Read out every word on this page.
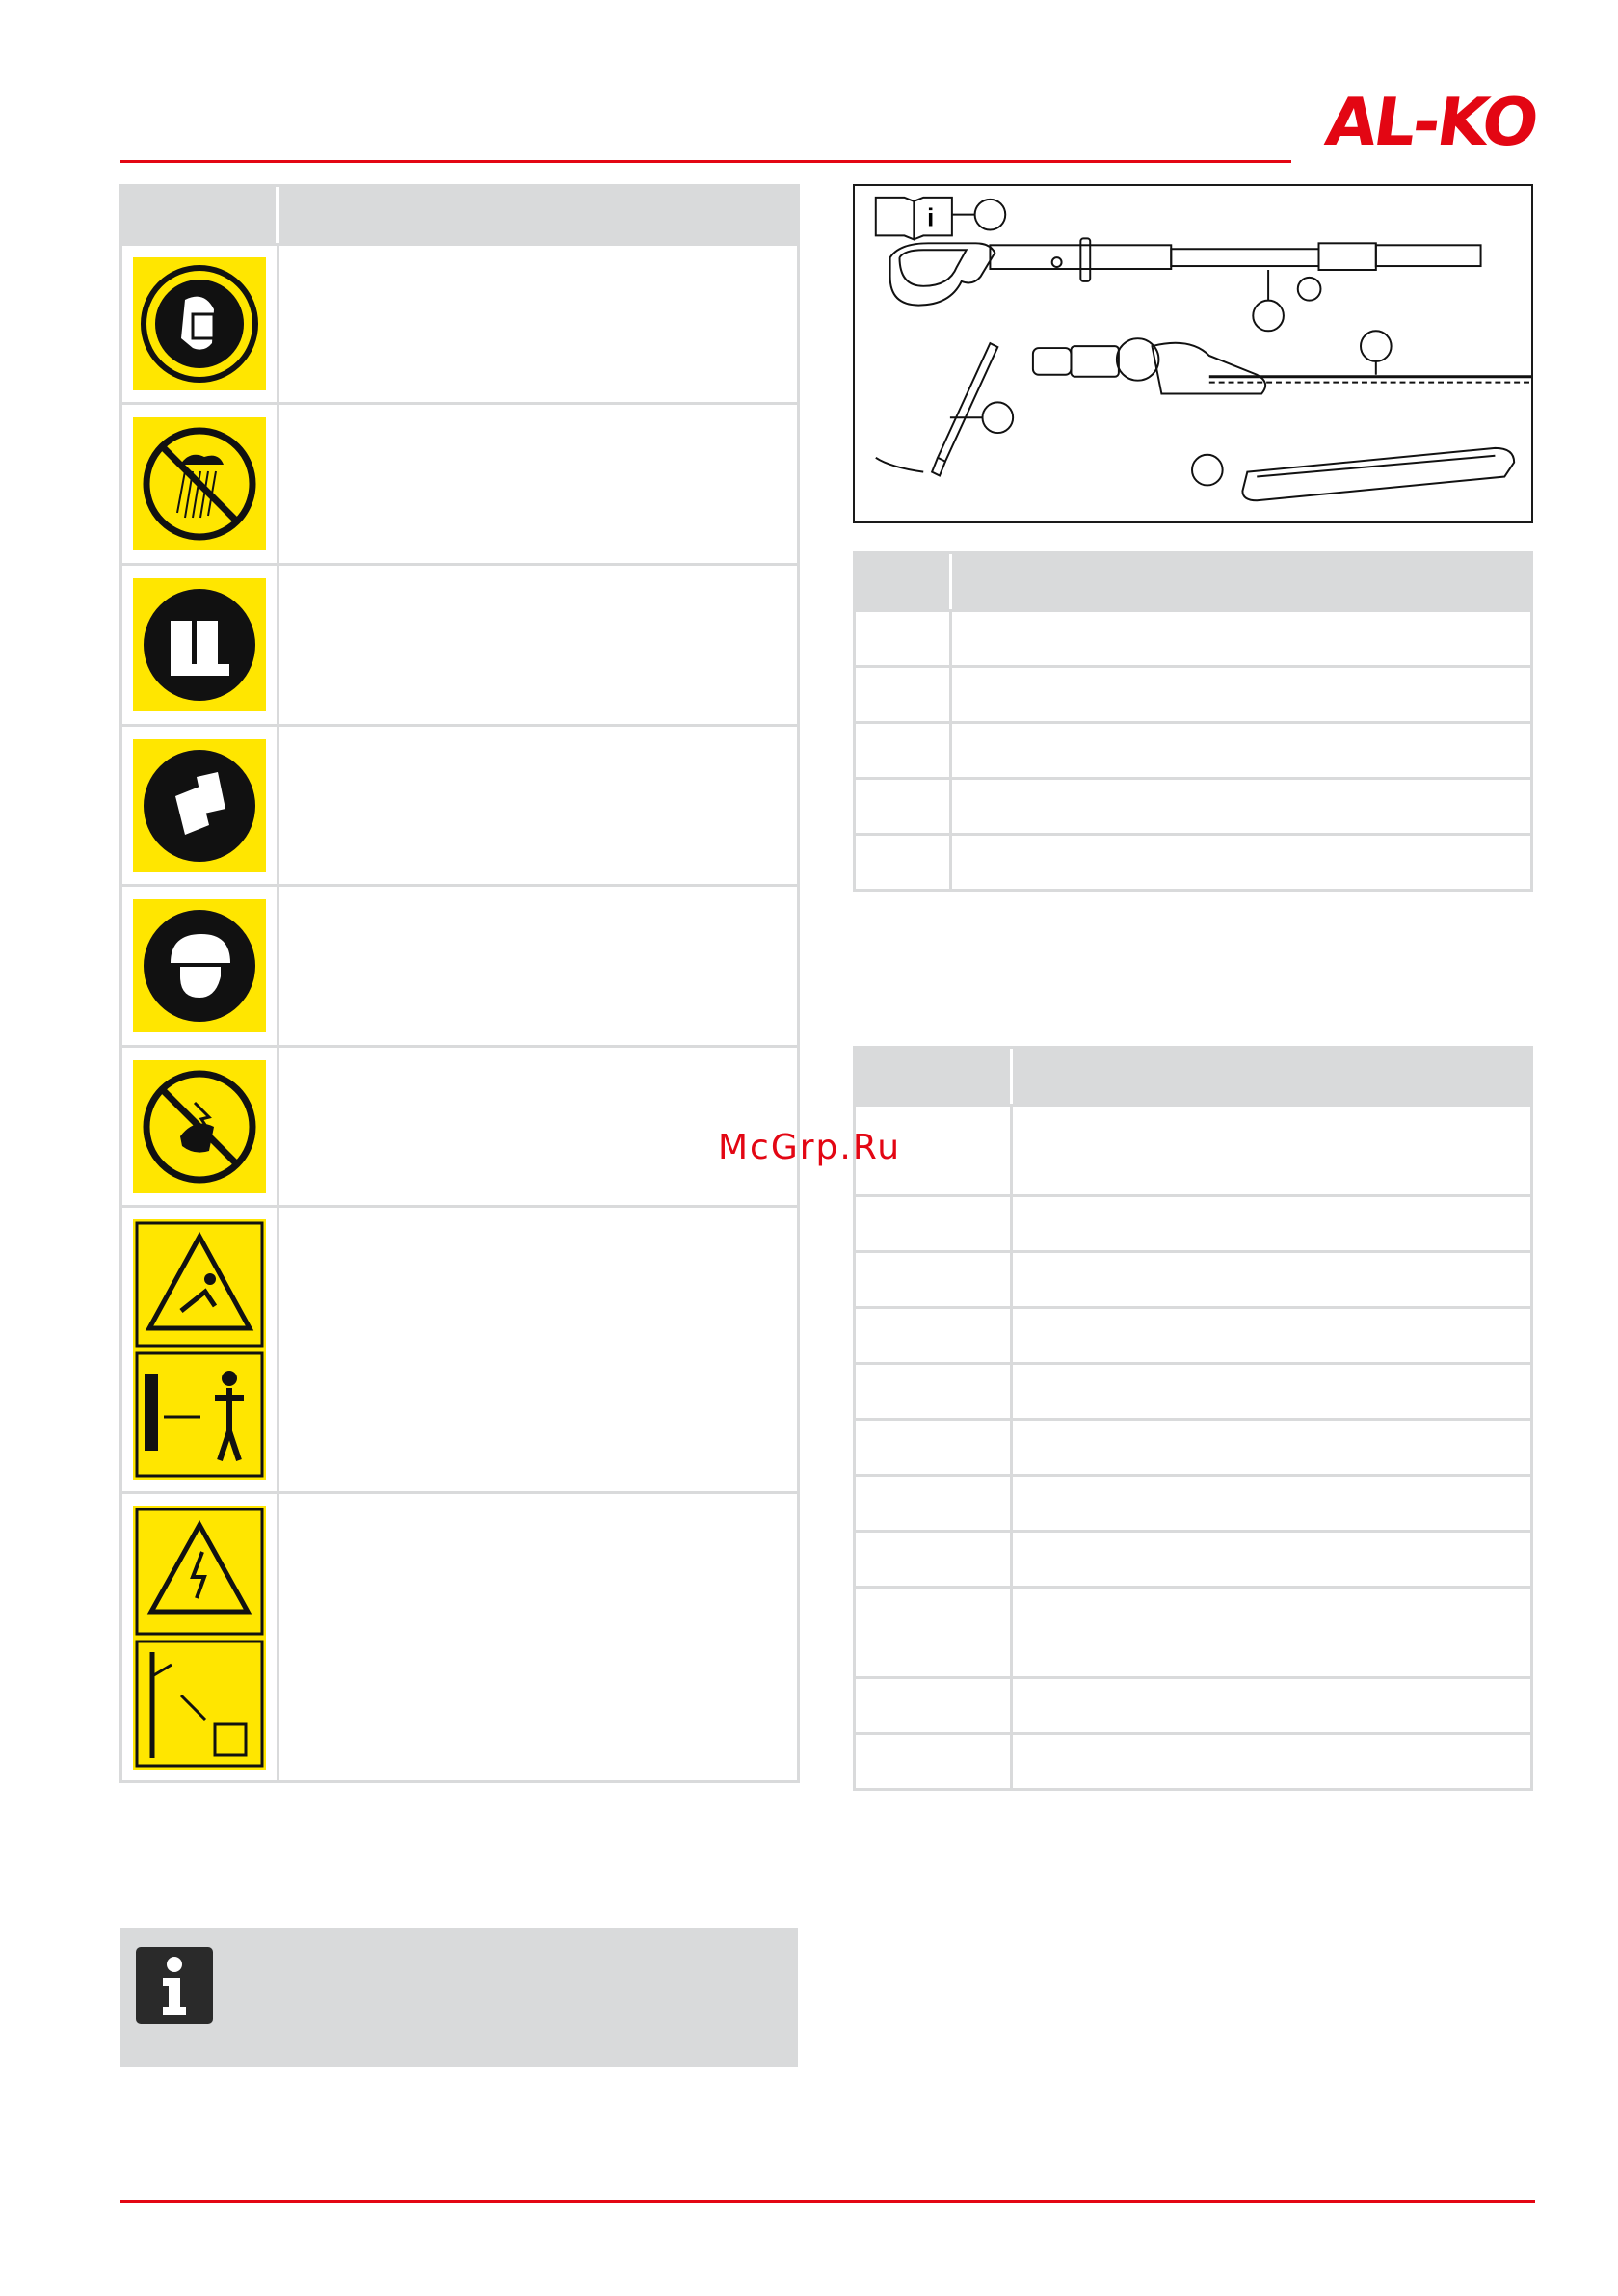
AL-KO
i
McGrp.Ru
